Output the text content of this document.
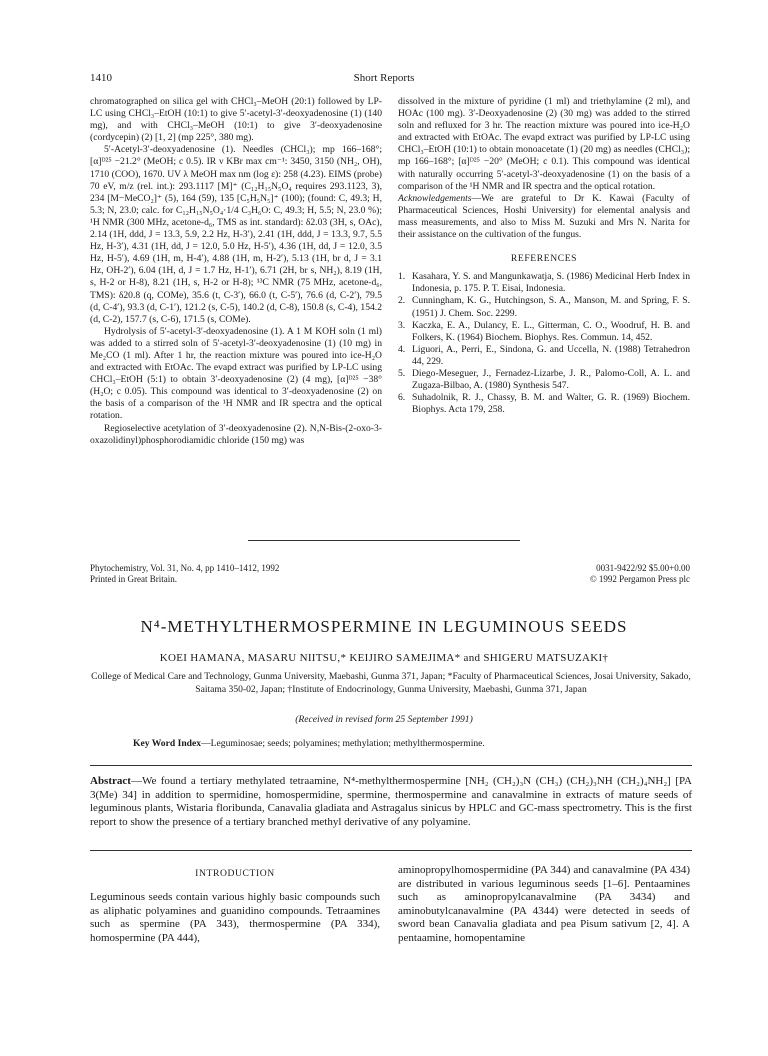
1410	Short Reports

chromatographed on silica gel with CHCl₃–MeOH (20:1) followed by LP-LC using CHCl₃–EtOH (10:1) to give 5′-acetyl-3′-deoxyadenosine (1) (140 mg), and with CHCl₃–MeOH (10:1) to give 3′-deoxyadenosine (cordycepin) (2) [1, 2] (mp 225°, 380 mg).

5′-Acetyl-3′-deoxyadenosine (1). Needles (CHCl₃); mp 166–168°; [α]ᴰ²⁵ −21.2° (MeOH; c 0.5). IR ν KBr max cm⁻¹: 3450, 3150 (NH₂, OH), 1710 (COO), 1670. UV λ MeOH max nm (log ε): 258 (4.23). EIMS (probe) 70 eV, m/z (rel. int.): 293.1117 [M]⁺ (C₁₂H₁₅N₅O₄ requires 293.1123, 3), 234 [M−MeCO₂]⁺ (5), 164 (59), 135 [C₅H₅N₅]⁺ (100); (found: C, 49.3; H, 5.3; N, 23.0; calc. for C₁₂H₁₅N₅O₄·1/4 C₃H₆O: C, 49.3; H, 5.5; N, 23.0 %); ¹H NMR (300 MHz, acetone-d₆, TMS as int. standard): δ2.03 (3H, s, OAc), 2.14 (1H, ddd, J = 13.3, 5.9, 2.2 Hz, H-3′), 2.41 (1H, ddd, J = 13.3, 9.7, 5.5 Hz, H-3′), 4.31 (1H, dd, J = 12.0, 5.0 Hz, H-5′), 4.36 (1H, dd, J = 12.0, 3.5 Hz, H-5′), 4.69 (1H, m, H-4′), 4.88 (1H, m, H-2′), 5.13 (1H, br d, J = 3.1 Hz, OH-2′), 6.04 (1H, d, J = 1.7 Hz, H-1′), 6.71 (2H, br s, NH₂), 8.19 (1H, s, H-2 or H-8), 8.21 (1H, s, H-2 or H-8); ¹³C NMR (75 MHz, acetone-d₆, TMS): δ20.8 (q, COMe), 35.6 (t, C-3′), 66.0 (t, C-5′), 76.6 (d, C-2′), 79.5 (d, C-4′), 93.3 (d, C-1′), 121.2 (s, C-5), 140.2 (d, C-8), 150.8 (s, C-4), 154.2 (d, C-2), 157.7 (s, C-6), 171.5 (s, COMe).

Hydrolysis of 5′-acetyl-3′-deoxyadenosine (1). A 1 M KOH soln (1 ml) was added to a stirred soln of 5′-acetyl-3′-deoxyadenosine (1) (10 mg) in Me₂CO (1 ml). After 1 hr, the reaction mixture was poured into ice-H₂O and extracted with EtOAc. The evapd extract was purified by LP-LC using CHCl₃–EtOH (5:1) to obtain 3′-deoxyadenosine (2) (4 mg), [α]ᴰ²⁵ −38° (H₂O; c 0.05). This compound was identical to 3′-deoxyadenosine (2) on the basis of a comparison of the ¹H NMR and IR spectra and the optical rotation.

Regioselective acetylation of 3′-deoxyadenosine (2). N,N-Bis-(2-oxo-3-oxazolidinyl)phosphorodiamidic chloride (150 mg) was

dissolved in the mixture of pyridine (1 ml) and triethylamine (2 ml), and HOAc (100 mg). 3′-Deoxyadenosine (2) (30 mg) was added to the stirred soln and refluxed for 3 hr. The reaction mixture was poured into ice-H₂O and extracted with EtOAc. The evapd extract was purified by LP-LC using CHCl₃–EtOH (10:1) to obtain monoacetate (1) (20 mg) as needles (CHCl₃); mp 166–168°; [α]ᴰ²⁵ −20° (MeOH; c 0.1). This compound was identical with naturally occurring 5′-acetyl-3′-deoxyadenosine (1) on the basis of a comparison of the ¹H NMR and IR spectra and the optical rotation.

Acknowledgements—We are grateful to Dr K. Kawai (Faculty of Pharmaceutical Sciences, Hoshi University) for elemental analysis and mass measurements, and also to Miss M. Suzuki and Mrs N. Narita for their assistance on the cultivation of the fungus.

REFERENCES
1. Kasahara, Y. S. and Mangunkawatja, S. (1986) Medicinal Herb Index in Indonesia, p. 175. P. T. Eisai, Indonesia.
2. Cunningham, K. G., Hutchingson, S. A., Manson, M. and Spring, F. S. (1951) J. Chem. Soc. 2299.
3. Kaczka, E. A., Dulancy, E. L., Gitterman, C. O., Woodruf, H. B. and Folkers, K. (1964) Biochem. Biophys. Res. Commun. 14, 452.
4. Liguori, A., Perri, E., Sindona, G. and Uccella, N. (1988) Tetrahedron 44, 229.
5. Diego-Meseguer, J., Fernadez-Lizarbe, J. R., Palomo-Coll, A. L. and Zugaza-Bilbao, A. (1980) Synthesis 547.
6. Suhadolnik, R. J., Chassy, B. M. and Walter, G. R. (1969) Biochem. Biophys. Acta 179, 258.
Phytochemistry, Vol. 31, No. 4, pp 1410–1412, 1992
Printed in Great Britain.
0031-9422/92 $5.00+0.00
© 1992 Pergamon Press plc
N⁴-METHYLTHERMOSPERMINE IN LEGUMINOUS SEEDS
KOEI HAMANA, MASARU NIITSU,* KEIJIRO SAMEJIMA* and SHIGERU MATSUZAKI†
College of Medical Care and Technology, Gunma University, Maebashi, Gunma 371, Japan; *Faculty of Pharmaceutical Sciences, Josai University, Sakado, Saitama 350-02, Japan; †Institute of Endocrinology, Gunma University, Maebashi, Gunma 371, Japan
(Received in revised form 25 September 1991)
Key Word Index—Leguminosae; seeds; polyamines; methylation; methylthermospermine.
Abstract—We found a tertiary methylated tetraamine, N⁴-methylthermospermine [NH₂ (CH₂)₃N (CH₃) (CH₂)₃NH (CH₂)₄NH₂] [PA 3(Me) 34] in addition to spermidine, homospermidine, spermine, thermospermine and canavalmine in extracts of mature seeds of leguminous plants, Wistaria floribunda, Canavalia gladiata and Astragalus sinicus by HPLC and GC-mass spectrometry. This is the first report to show the presence of a tertiary branched methyl derivative of any polyamine.
INTRODUCTION
Leguminous seeds contain various highly basic compounds such as aliphatic polyamines and guanidino compounds. Tetraamines such as spermine (PA 343), thermospermine (PA 334), homospermine (PA 444),
aminopropylhomospermidine (PA 344) and canavalmine (PA 434) are distributed in various leguminous seeds [1–6]. Pentaamines such as aminopropylcanavalmine (PA 3434) and aminobutylcanavalmine (PA 4344) were detected in seeds of sword bean Canavalia gladiata and pea Pisum sativum [2, 4]. A pentaamine, homopentamine
